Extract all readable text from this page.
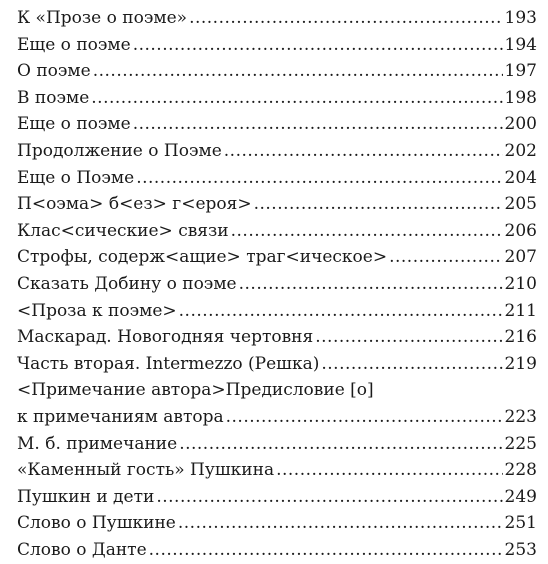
К «Прозе о поэме» .....	193
Еще о поэме .....	194
О поэме .....	197
В поэме .....	198
Еще о поэме .....	200
Продолжение о Поэме .....	202
Еще о Поэме .....	204
П<оэма> б<ез> г<ероя> .....	205
Клас<сические> связи .....	206
Строфы, содерж<ащие> траг<ическое> .....	207
Сказать Добину о поэме .....	210
<Проза к поэме> .....	211
Маскарад. Новогодняя чертовня .....	216
Часть вторая. Intermezzo (Решка) .....	219
<Примечание автора>Предисловие [о]
к примечаниям автора .....	223
М. б. примечание .....	225
«Каменный гость» Пушкина .....	228
Пушкин и дети .....	249
Слово о Пушкине .....	251
Слово о Данте .....	253
